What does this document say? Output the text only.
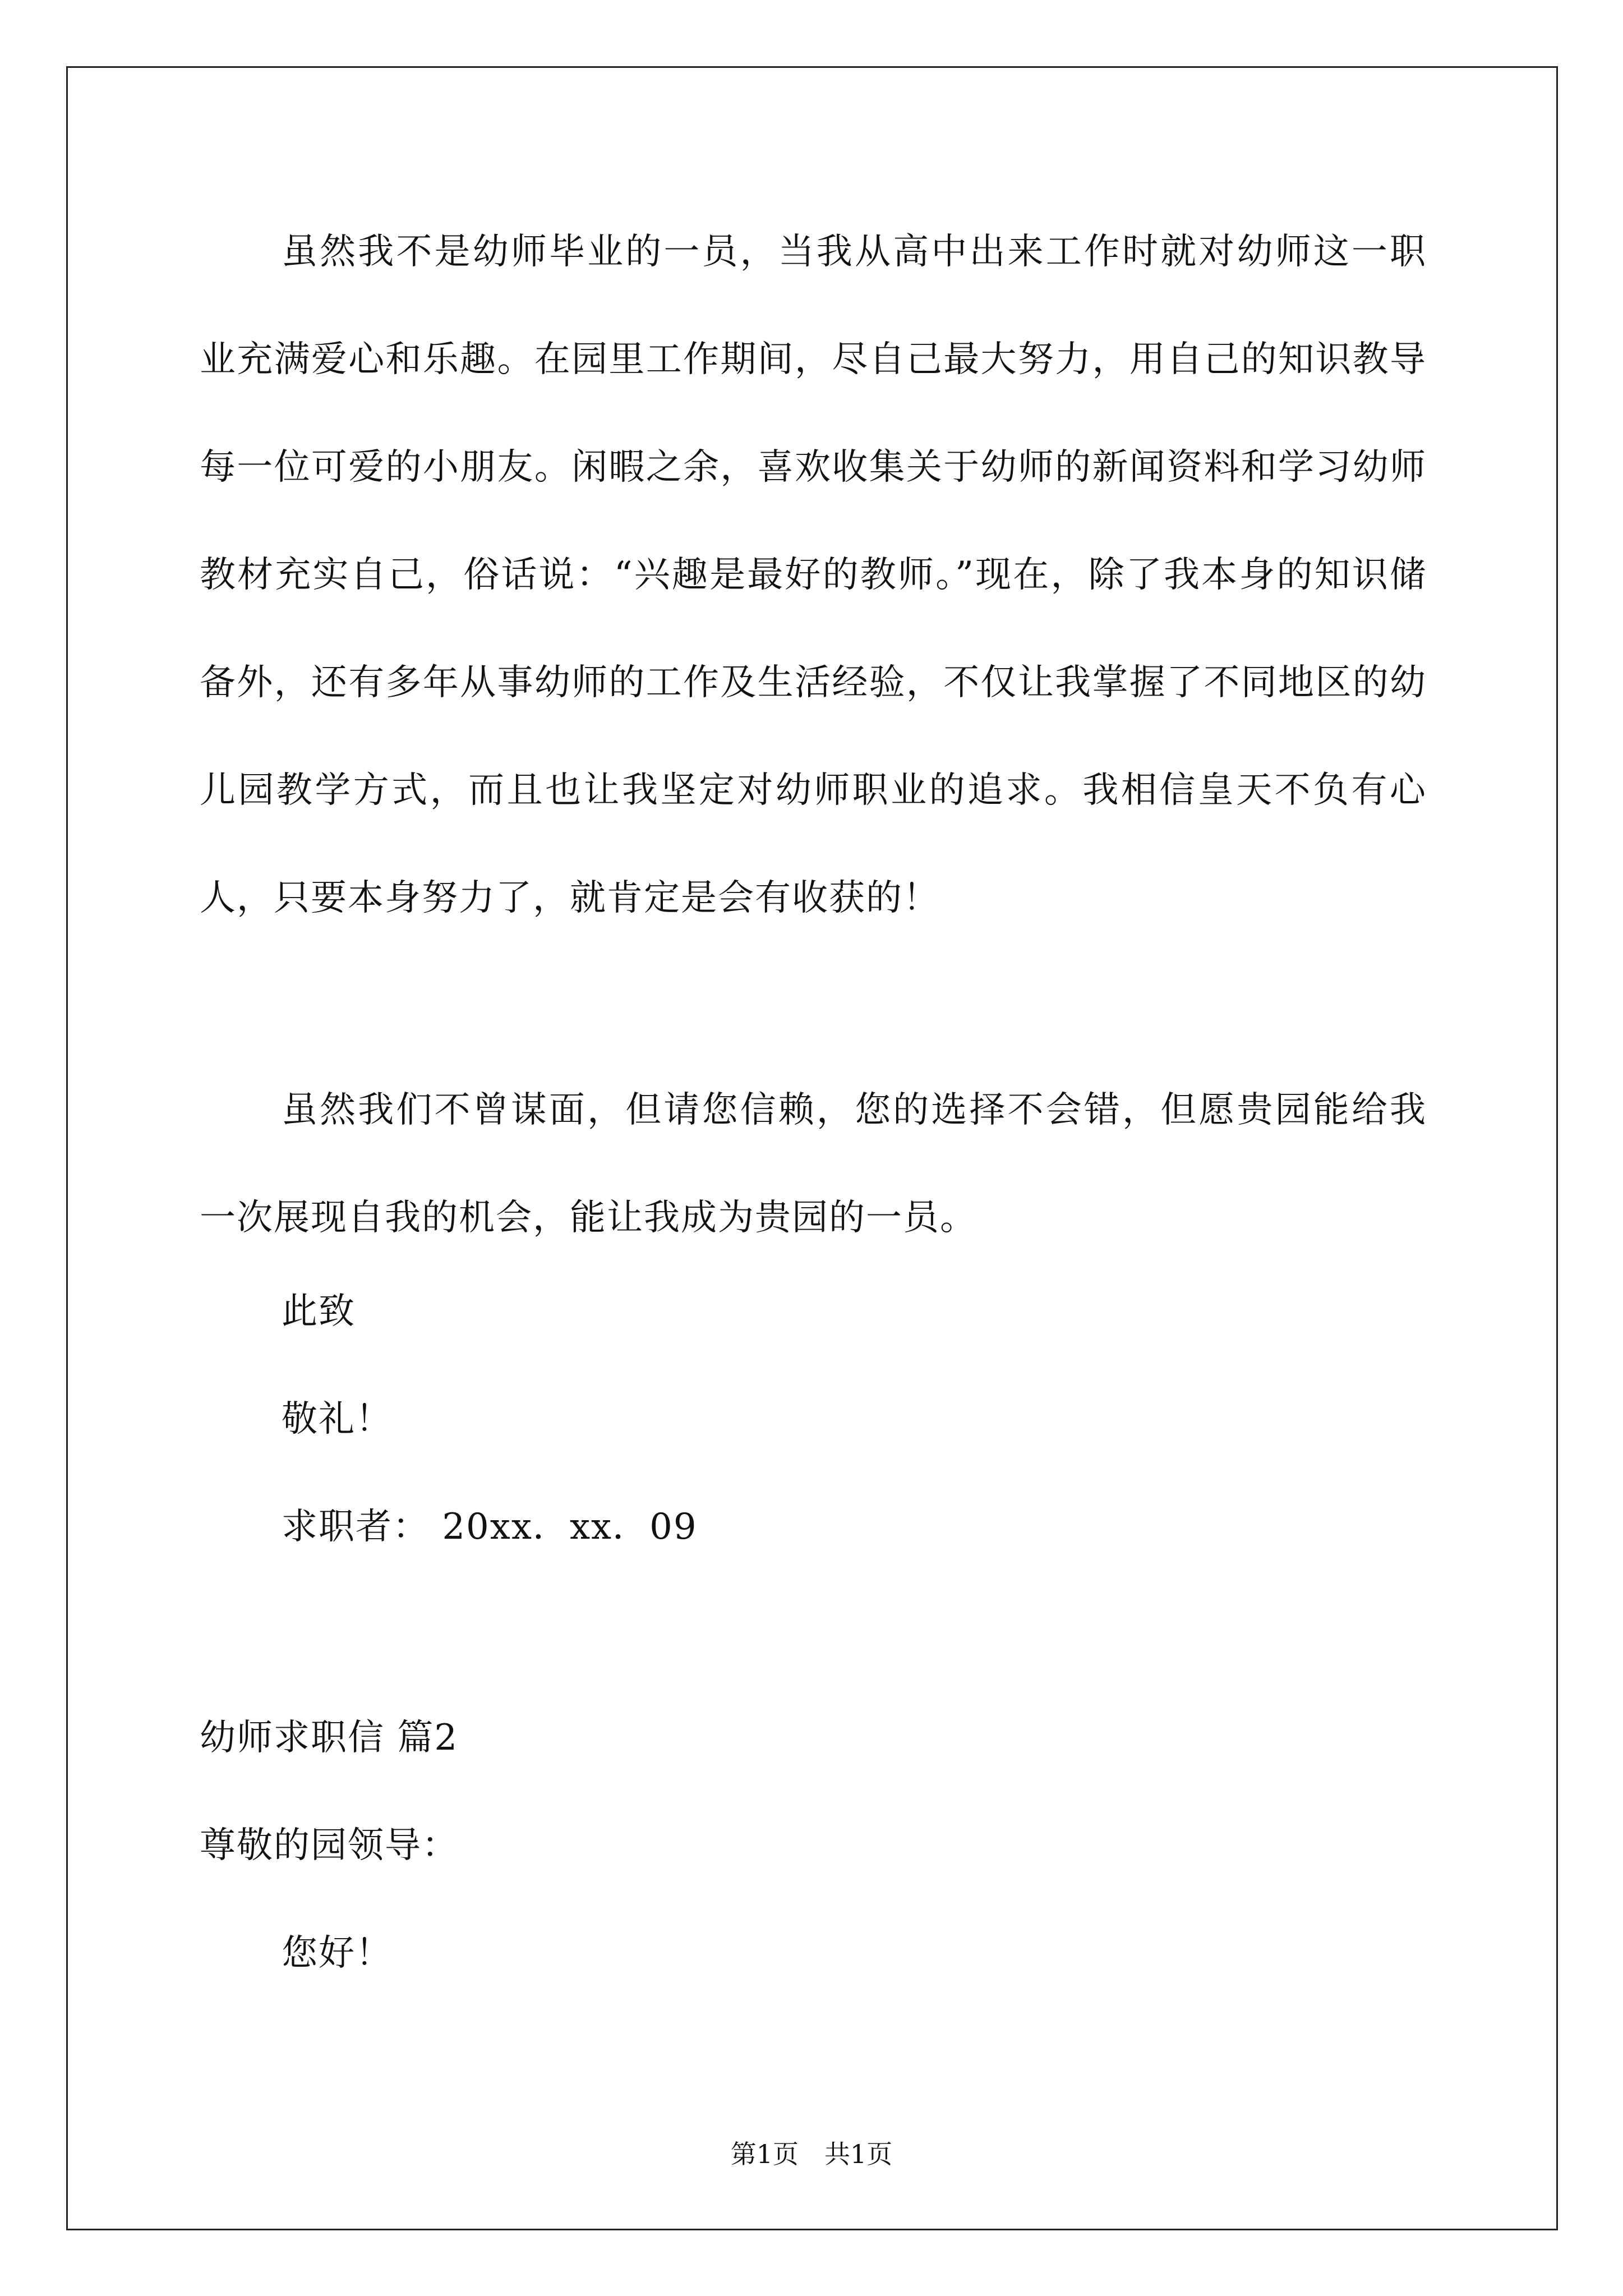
虽然我不是幼师毕业的一员，当我从高中出来工作时就对幼师这一职业充满爱心和乐趣。在园里工作期间，尽自己最大努力，用自己的知识教导每一位可爱的小朋友。闲暇之余，喜欢收集关于幼师的新闻资料和学习幼师教材充实自己，俗话说：“兴趣是最好的教师。”现在，除了我本身的知识储备外，还有多年从事幼师的工作及生活经验，不仅让我掌握了不同地区的幼儿园教学方式，而且也让我坚定对幼师职业的追求。我相信皇天不负有心人，只要本身努力了，就肯定是会有收获的！

虽然我们不曾谋面，但请您信赖，您的选择不会错，但愿贵园能给我一次展现自我的机会，能让我成为贵园的一员。

此致
敬礼！
求职者： 20xx．xx．09
幼师求职信 篇2
尊敬的园领导：
您好！
第1页　共1页
